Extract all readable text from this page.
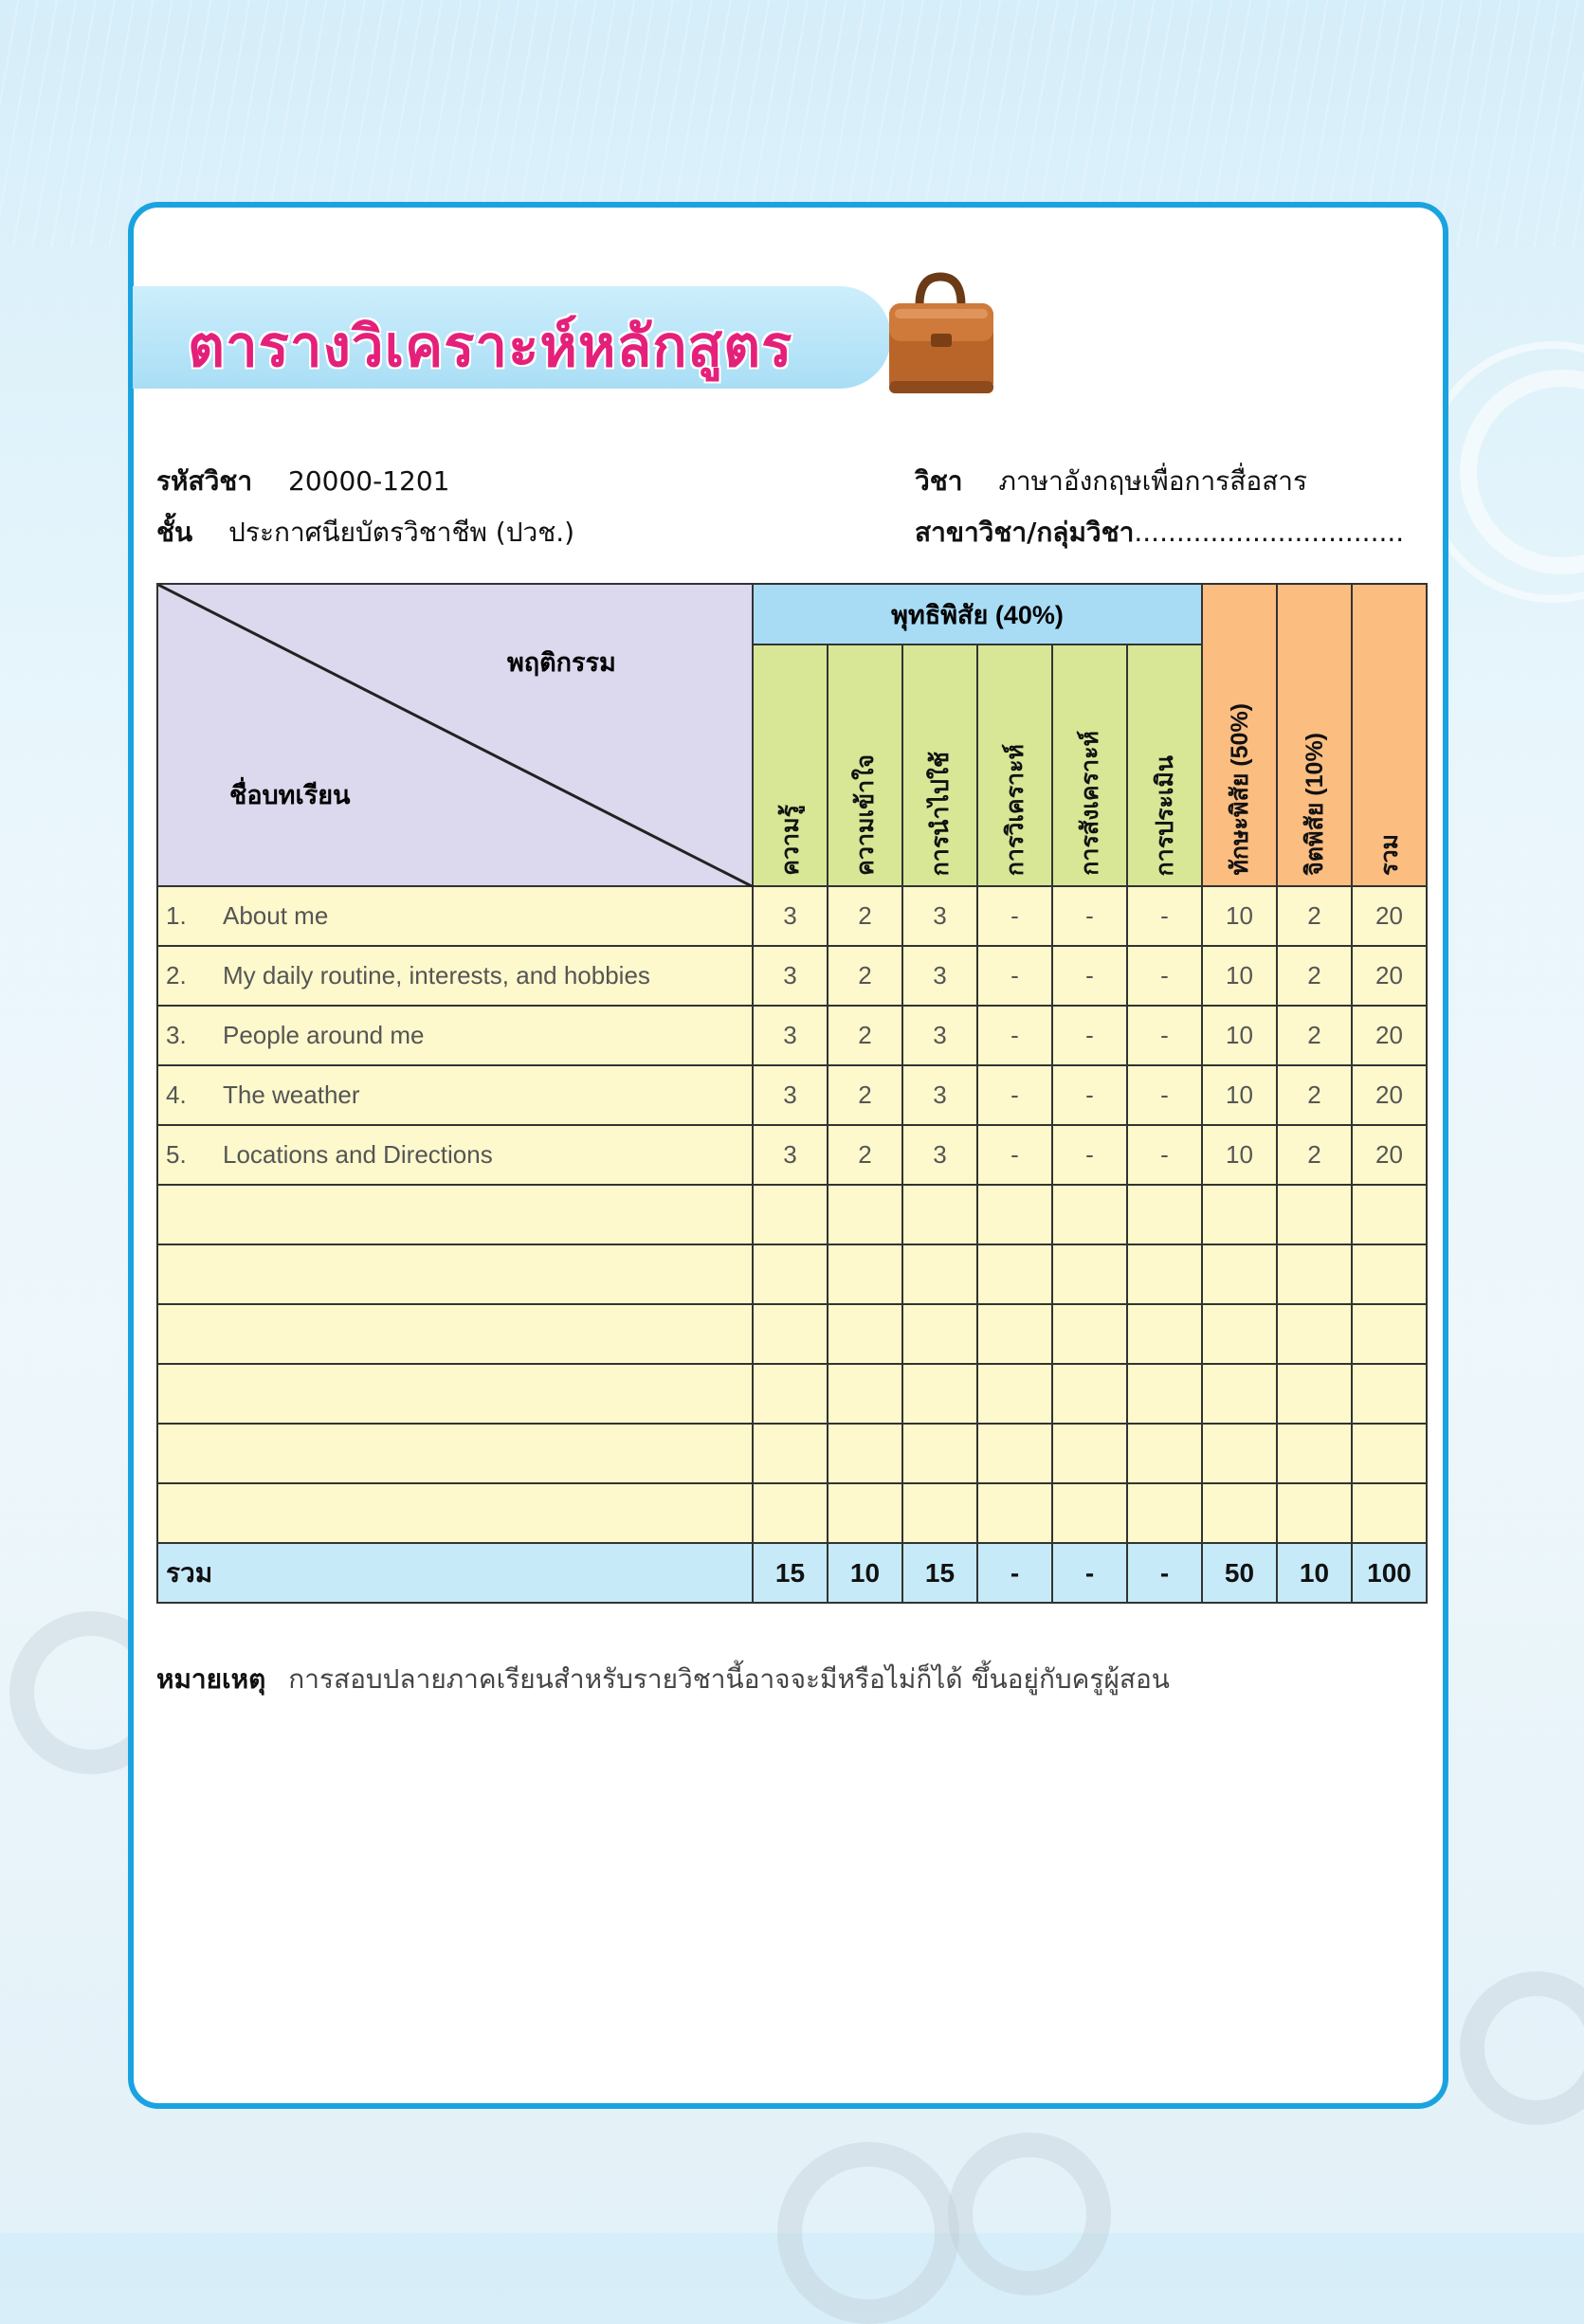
ตารางวิเคราะห์หลักสูตร
รหัสวิชา 20000-1201
ชั้น ประกาศนียบัตรวิชาชีพ (ปวช.)
วิชา ภาษาอังกฤษเพื่อการสื่อสาร
สาขาวิชา/กลุ่มวิชา................................
พฤติกรรม
ชื่อบทเรียน	พุทธิพิสัย (40%)						ทักษะพิสัย (50%)	จิตพิสัย (10%)	รวม

	ความรู้	ความเข้าใจ	การนำไปใช้	การวิเคราะห์	การสังเคราะห์	การประเมิน			

1. About me	3	2	3	-	-	-	10	2	20
2. My daily routine, interests, and hobbies	3	2	3	-	-	-	10	2	20
3. People around me	3	2	3	-	-	-	10	2	20
4. The weather	3	2	3	-	-	-	10	2	20
5. Locations and Directions	3	2	3	-	-	-	10	2	20

รวม	15	10	15	-	-	-	50	10	100
หมายเหตุ การสอบปลายภาคเรียนสำหรับรายวิชานี้อาจจะมีหรือไม่ก็ได้ ขึ้นอยู่กับครูผู้สอน
